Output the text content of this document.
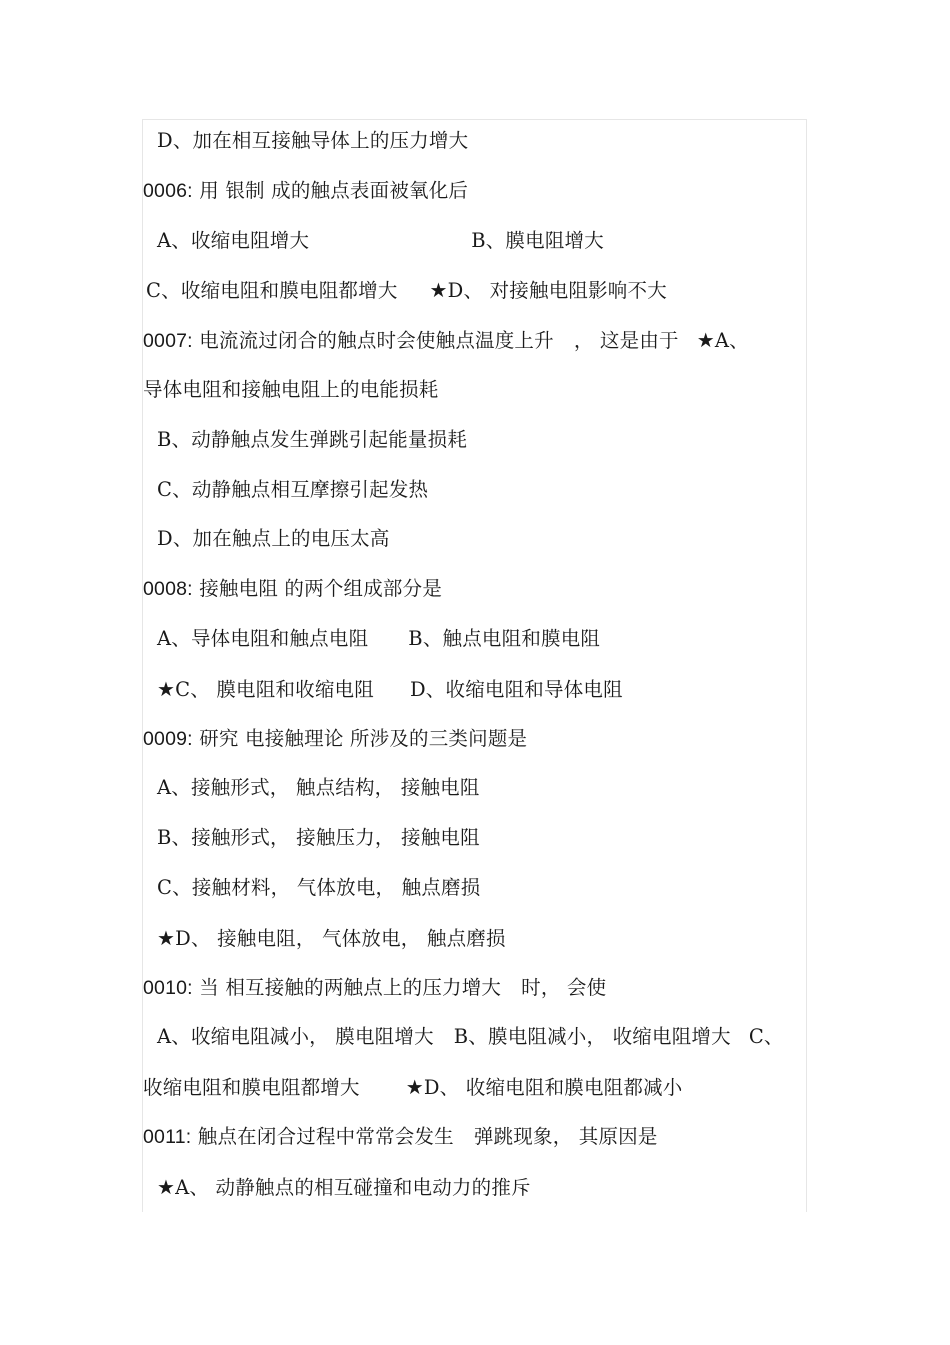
D、加在相互接触导体上的压力增大
0006: 用 银制 成的触点表面被氧化后
A、收缩电阻增大	B、膜电阻增大
C、收缩电阻和膜电阻都增大 ★D、 对接触电阻影响不大
0007: 电流流过闭合的触点时会使触点温度上升 ， 这是由于 ★A、
导体电阻和接触电阻上的电能损耗
B、动静触点发生弹跳引起能量损耗
C、动静触点相互摩擦引起发热
D、加在触点上的电压太高
0008: 接触电阻 的两个组成部分是
A、导体电阻和触点电阻 B、触点电阻和膜电阻
★C、 膜电阻和收缩电阻 D、收缩电阻和导体电阻
0009: 研究 电接触理论 所涉及的三类问题是
A、接触形式， 触点结构， 接触电阻
B、接触形式， 接触压力， 接触电阻
C、接触材料， 气体放电， 触点磨损
★D、 接触电阻， 气体放电， 触点磨损
0010: 当 相互接触的两触点上的压力增大 时， 会使
A、收缩电阻减小， 膜电阻增大 B、膜电阻减小， 收缩电阻增大 C、
收缩电阻和膜电阻都增大 ★D、 收缩电阻和膜电阻都减小
0011: 触点在闭合过程中常常会发生 弹跳现象， 其原因是
★A、 动静触点的相互碰撞和电动力的推斥
